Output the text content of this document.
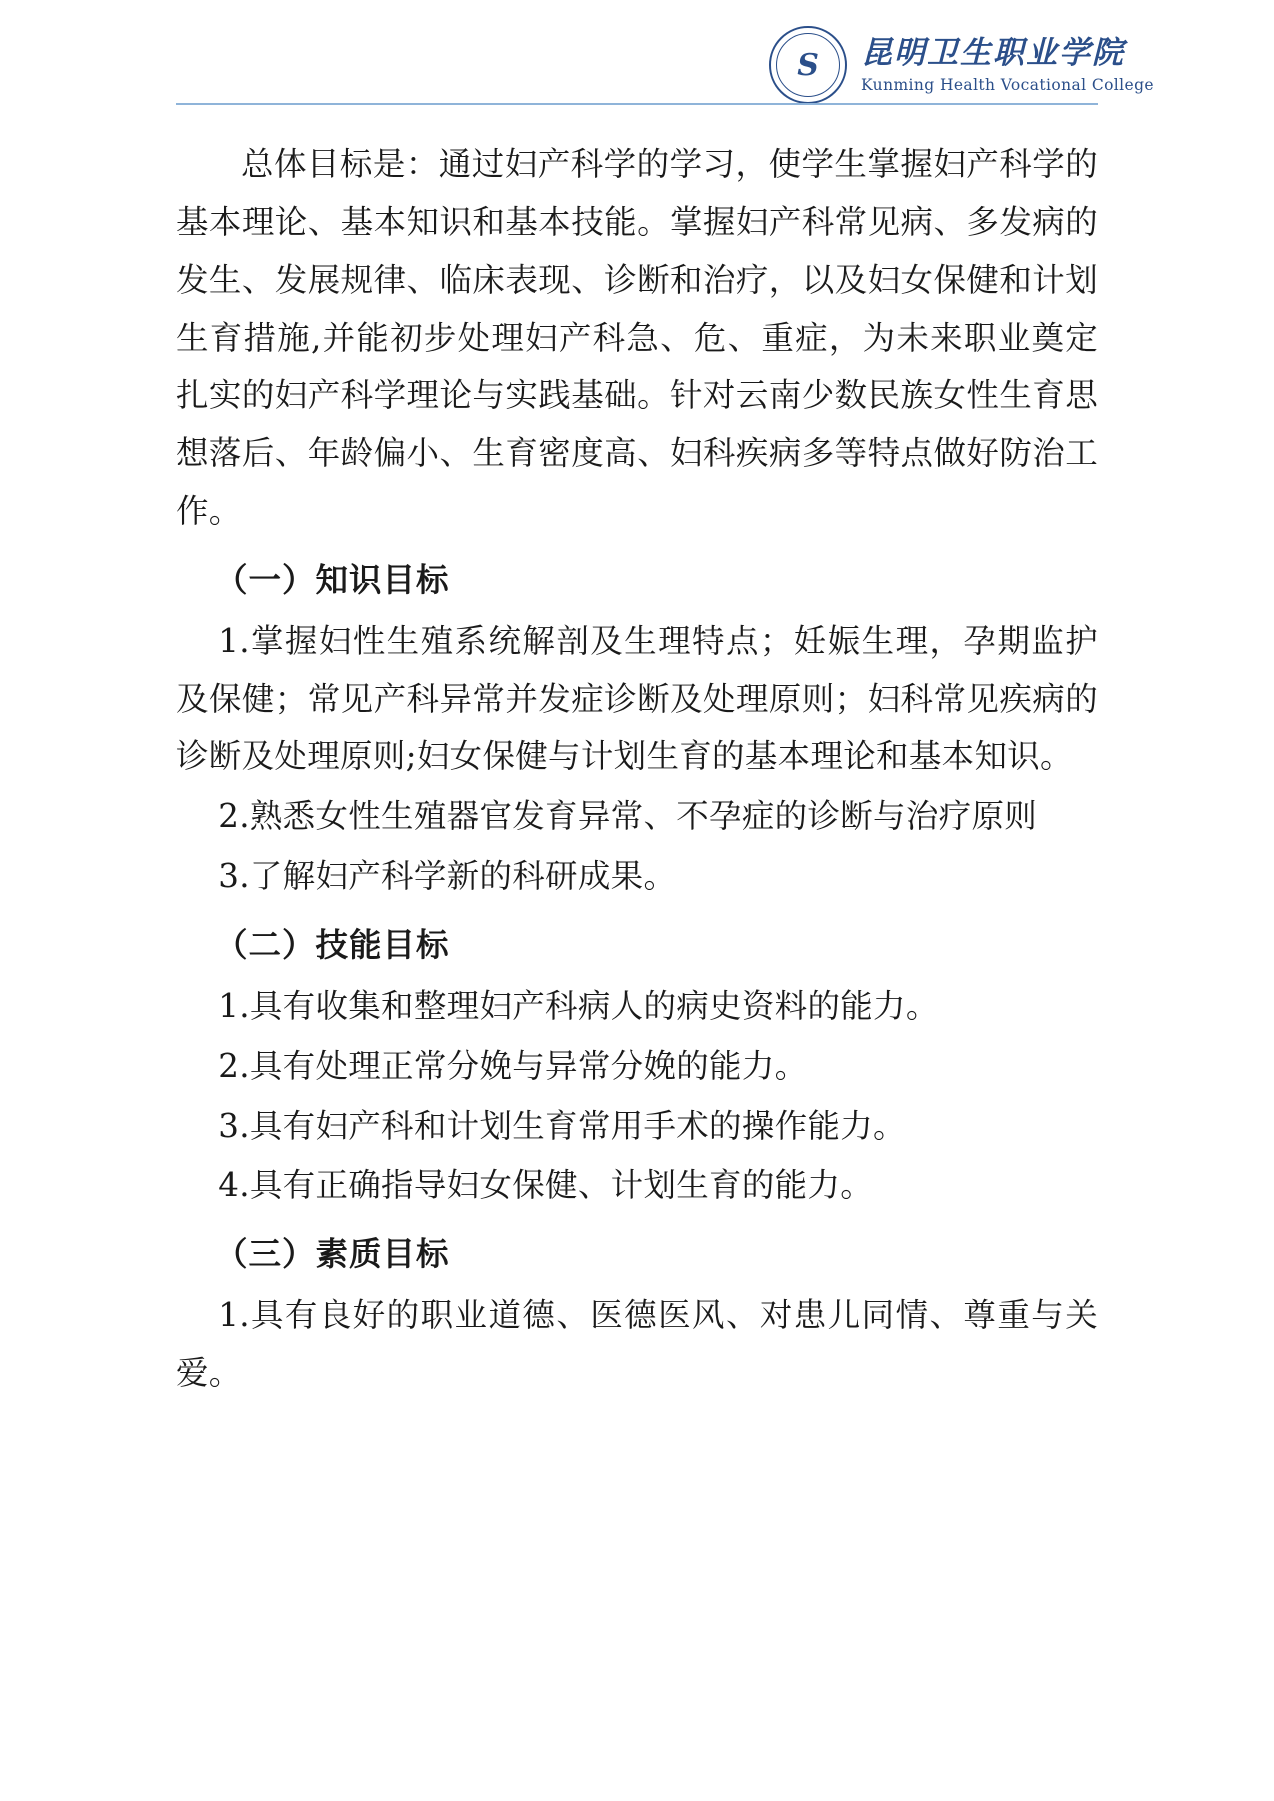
S	昆明卫生职业学院
Kunming Health Vocational College

总体目标是：通过妇产科学的学习，使学生掌握妇产科学的基本理论、基本知识和基本技能。掌握妇产科常见病、多发病的发生、发展规律、临床表现、诊断和治疗，以及妇女保健和计划生育措施,并能初步处理妇产科急、危、重症，为未来职业奠定扎实的妇产科学理论与实践基础。针对云南少数民族女性生育思想落后、年龄偏小、生育密度高、妇科疾病多等特点做好防治工作。

（一）知识目标

1.掌握妇性生殖系统解剖及生理特点；妊娠生理，孕期监护及保健；常见产科异常并发症诊断及处理原则；妇科常见疾病的诊断及处理原则;妇女保健与计划生育的基本理论和基本知识。

2.熟悉女性生殖器官发育异常、不孕症的诊断与治疗原则

3.了解妇产科学新的科研成果。

（二）技能目标

1.具有收集和整理妇产科病人的病史资料的能力。

2.具有处理正常分娩与异常分娩的能力。

3.具有妇产科和计划生育常用手术的操作能力。

4.具有正确指导妇女保健、计划生育的能力。

（三）素质目标

1.具有良好的职业道德、医德医风、对患儿同情、尊重与关爱。
